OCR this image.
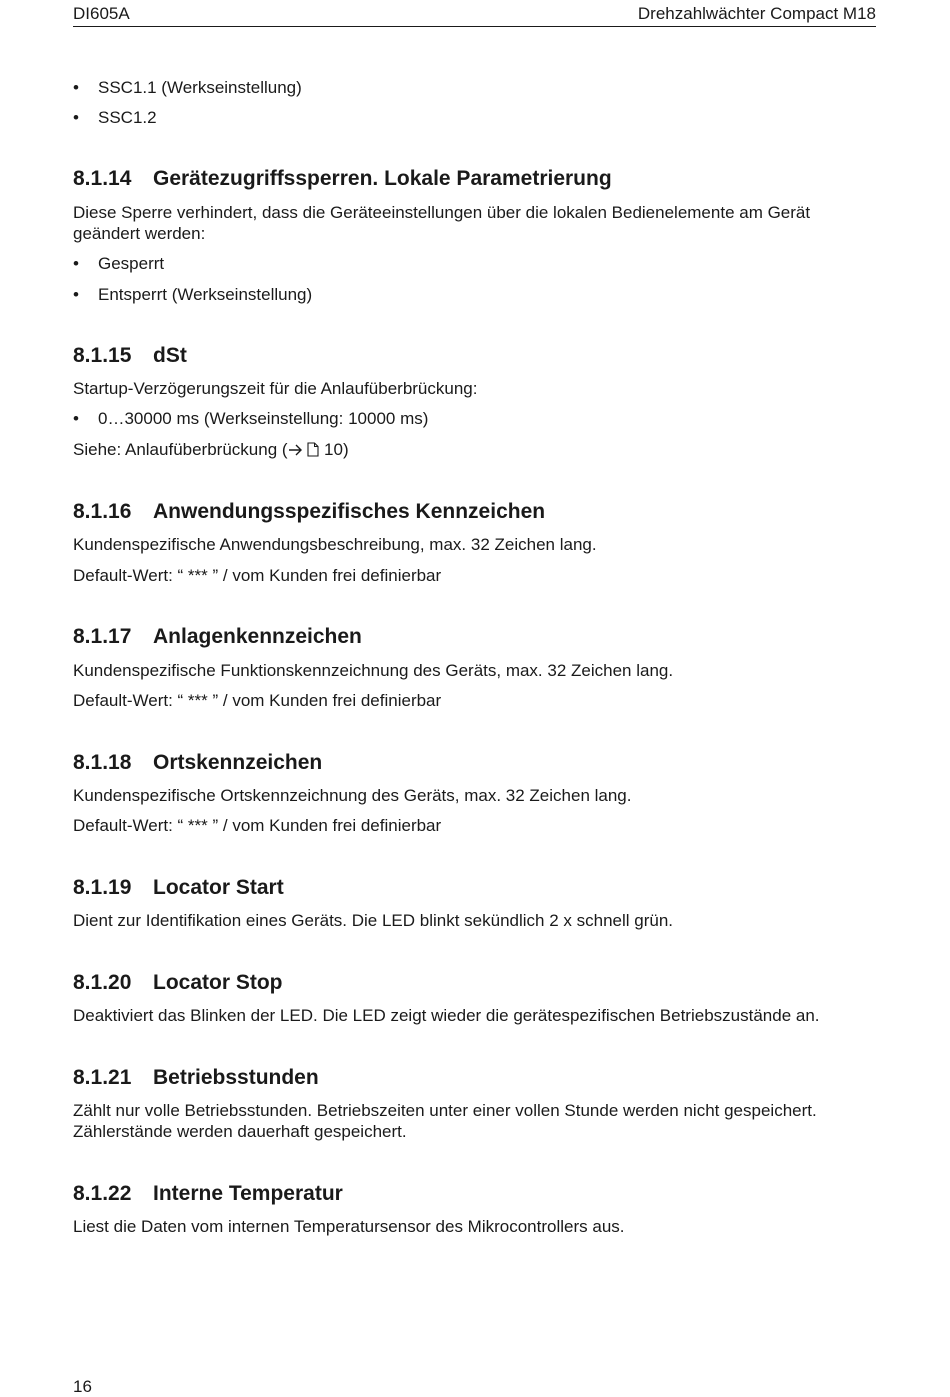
DI605A	Drehzahlwächter Compact M18
• SSC1.1 (Werkseinstellung)
• SSC1.2
8.1.14 Gerätezugriffssperren. Lokale Parametrierung
Diese Sperre verhindert, dass die Geräteeinstellungen über die lokalen Bedienelemente am Gerät geändert werden:
• Gesperrt
• Entsperrt (Werkseinstellung)
8.1.15 dSt
Startup-Verzögerungszeit für die Anlaufüberbrückung:
• 0…30000 ms (Werkseinstellung: 10000 ms)
Siehe: Anlaufüberbrückung ( 10)
8.1.16 Anwendungsspezifisches Kennzeichen
Kundenspezifische Anwendungsbeschreibung, max. 32 Zeichen lang.
Default-Wert: “ *** ” / vom Kunden frei definierbar
8.1.17 Anlagenkennzeichen
Kundenspezifische Funktionskennzeichnung des Geräts, max. 32 Zeichen lang.
Default-Wert: “ *** ” / vom Kunden frei definierbar
8.1.18 Ortskennzeichen
Kundenspezifische Ortskennzeichnung des Geräts, max. 32 Zeichen lang.
Default-Wert: “ *** ” / vom Kunden frei definierbar
8.1.19 Locator Start
Dient zur Identifikation eines Geräts. Die LED blinkt sekündlich 2 x schnell grün.
8.1.20 Locator Stop
Deaktiviert das Blinken der LED. Die LED zeigt wieder die gerätespezifischen Betriebszustände an.
8.1.21 Betriebsstunden
Zählt nur volle Betriebsstunden. Betriebszeiten unter einer vollen Stunde werden nicht gespeichert. Zählerstände werden dauerhaft gespeichert.
8.1.22 Interne Temperatur
Liest die Daten vom internen Temperatursensor des Mikrocontrollers aus.
16
